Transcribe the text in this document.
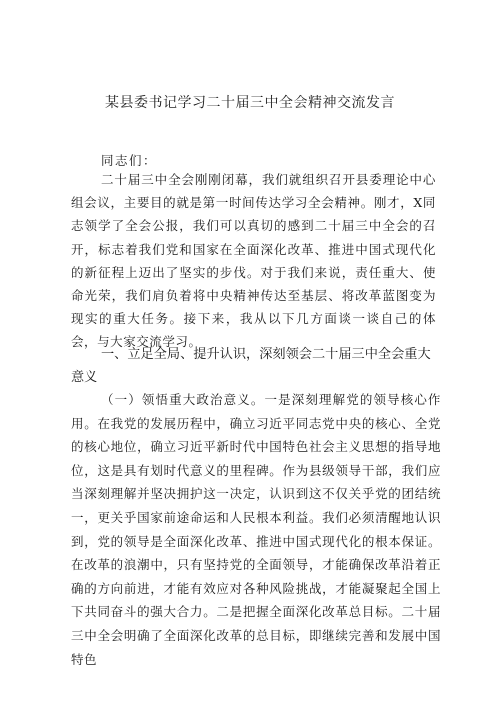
某县委书记学习二十届三中全会精神交流发言
同志们：

二十届三中全会刚刚闭幕，我们就组织召开县委理论中心组会议，主要目的就是第一时间传达学习全会精神。刚才，X同志领学了全会公报，我们可以真切的感到二十届三中全会的召开，标志着我们党和国家在全面深化改革、推进中国式现代化的新征程上迈出了坚实的步伐。对于我们来说，责任重大、使命光荣，我们肩负着将中央精神传达至基层、将改革蓝图变为现实的重大任务。接下来，我从以下几方面谈一谈自己的体会，与大家交流学习。

一、立足全局、提升认识，深刻领会二十届三中全会重大意义

（一）领悟重大政治意义。一是深刻理解党的领导核心作用。在我党的发展历程中，确立习近平同志党中央的核心、全党的核心地位，确立习近平新时代中国特色社会主义思想的指导地位，这是具有划时代意义的里程碑。作为县级领导干部，我们应当深刻理解并坚决拥护这一决定，认识到这不仅关乎党的团结统一，更关乎国家前途命运和人民根本利益。我们必须清醒地认识到，党的领导是全面深化改革、推进中国式现代化的根本保证。在改革的浪潮中，只有坚持党的全面领导，才能确保改革沿着正确的方向前进，才能有效应对各种风险挑战，才能凝聚起全国上下共同奋斗的强大合力。二是把握全面深化改革总目标。二十届三中全会明确了全面深化改革的总目标，即继续完善和发展中国特色
